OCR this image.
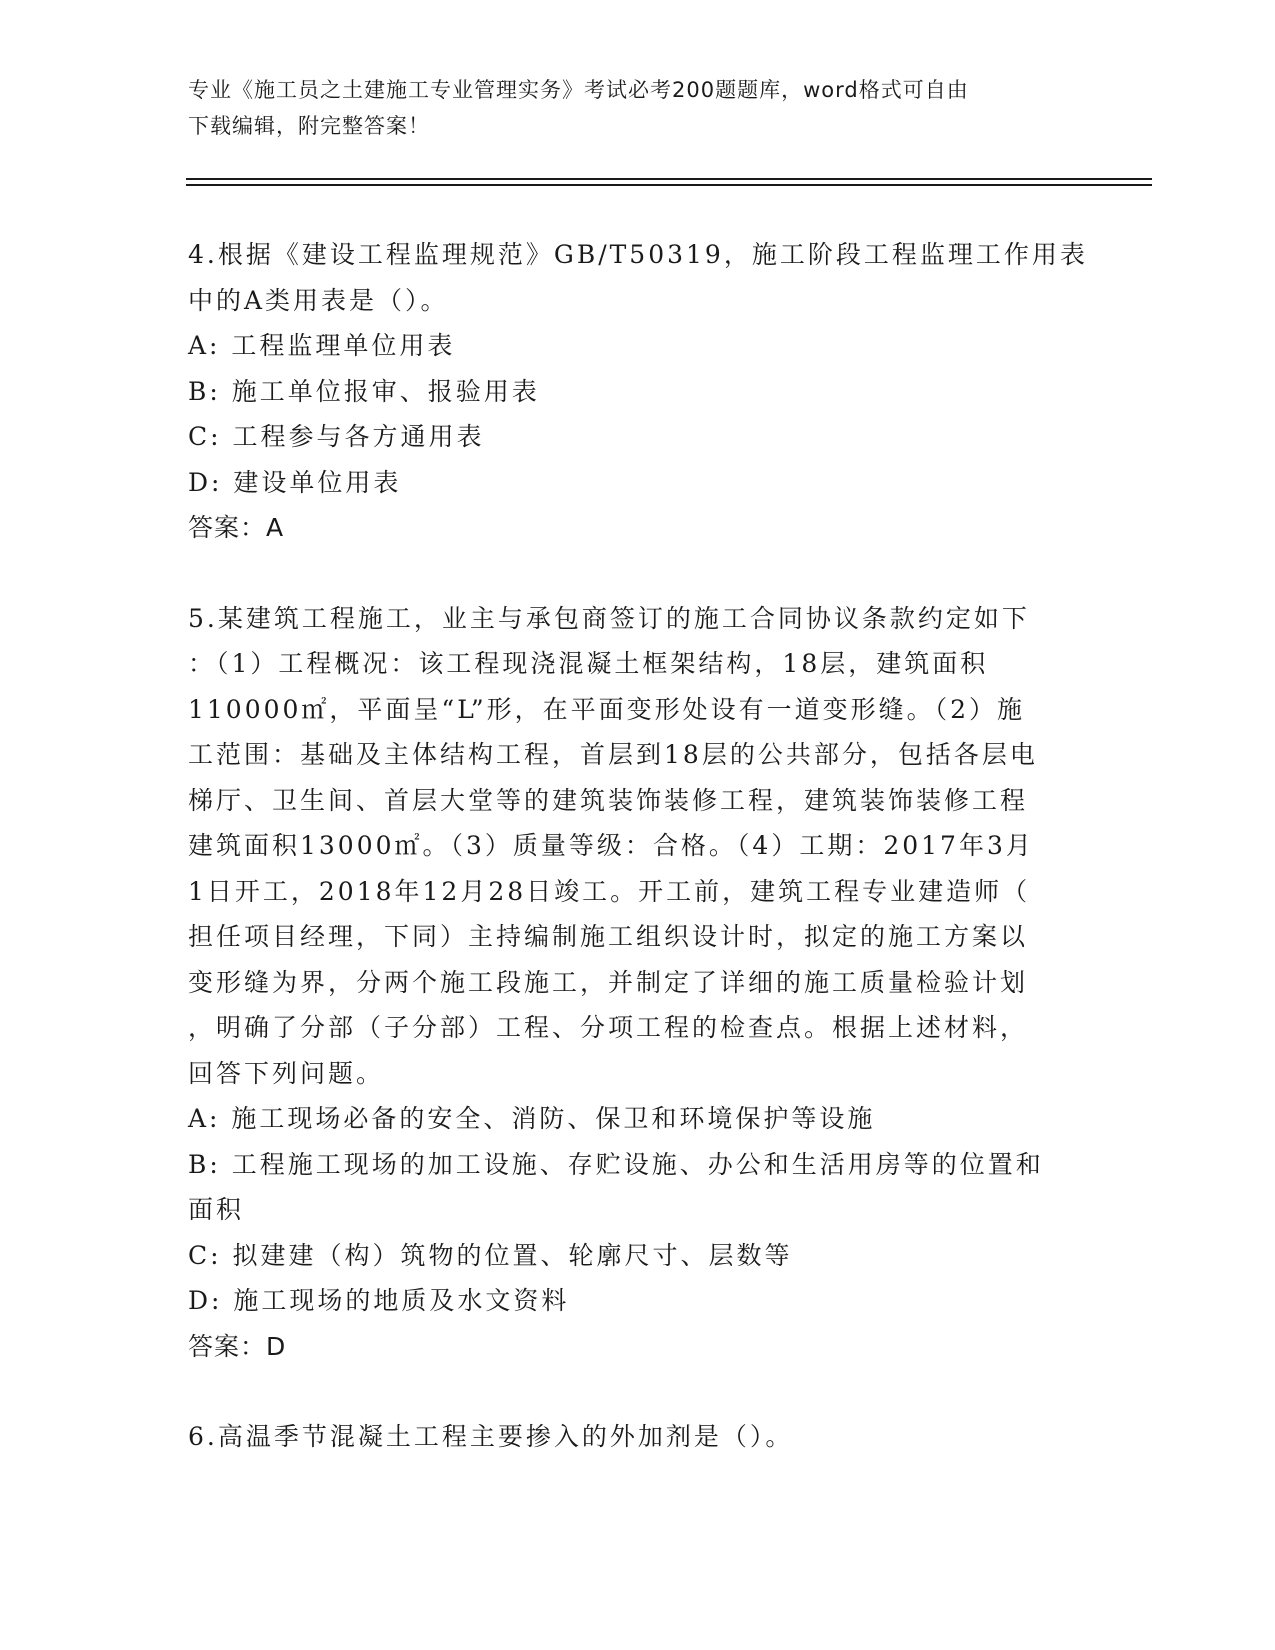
专业《施工员之土建施工专业管理实务》考试必考200题题库，word格式可自由
下载编辑，附完整答案！
4.根据《建设工程监理规范》GB/T50319，施工阶段工程监理工作用表
中的A类用表是（）。
A: 工程监理单位用表
B: 施工单位报审、报验用表
C: 工程参与各方通用表
D: 建设单位用表
答案：A
5.某建筑工程施工，业主与承包商签订的施工合同协议条款约定如下
：（1）工程概况：该工程现浇混凝土框架结构，18层，建筑面积
110000㎡，平面呈“L”形，在平面变形处设有一道变形缝。（2）施
工范围：基础及主体结构工程，首层到18层的公共部分，包括各层电
梯厅、卫生间、首层大堂等的建筑装饰装修工程，建筑装饰装修工程
建筑面积13000㎡。（3）质量等级：合格。（4）工期：2017年3月
1日开工，2018年12月28日竣工。开工前，建筑工程专业建造师（
担任项目经理，下同）主持编制施工组织设计时，拟定的施工方案以
变形缝为界，分两个施工段施工，并制定了详细的施工质量检验计划
，明确了分部（子分部）工程、分项工程的检查点。根据上述材料，
回答下列问题。
A: 施工现场必备的安全、消防、保卫和环境保护等设施
B: 工程施工现场的加工设施、存贮设施、办公和生活用房等的位置和
面积
C: 拟建建（构）筑物的位置、轮廓尺寸、层数等
D: 施工现场的地质及水文资料
答案：D
6.高温季节混凝土工程主要掺入的外加剂是（）。
